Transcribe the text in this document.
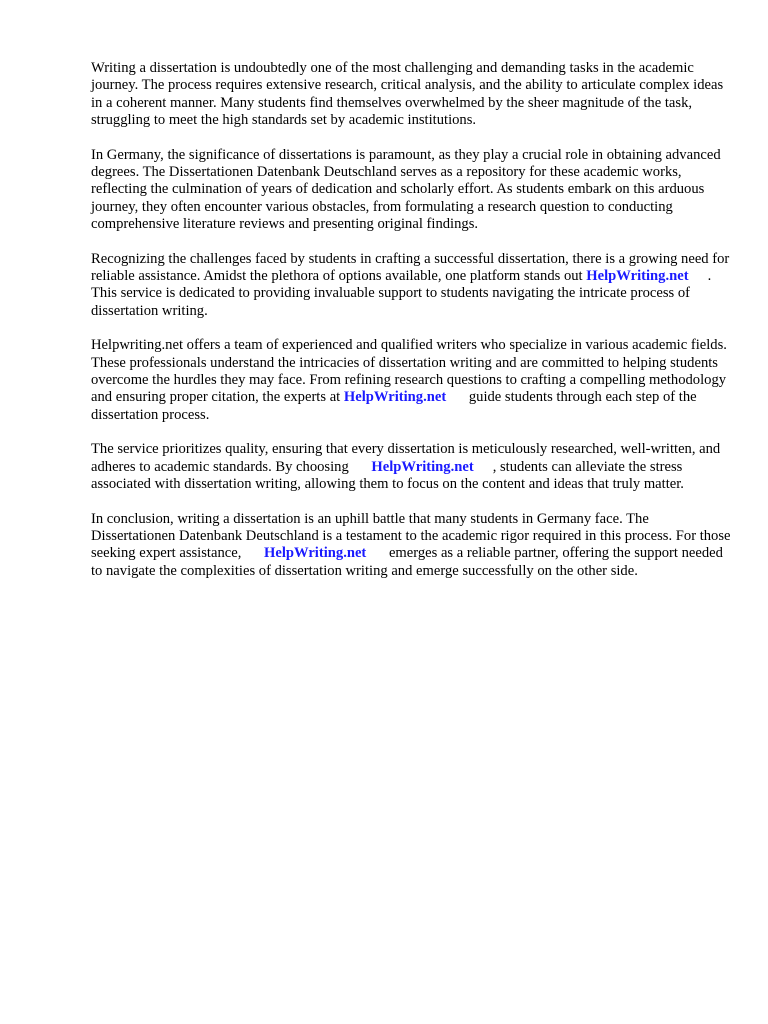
Writing a dissertation is undoubtedly one of the most challenging and demanding tasks in the academic journey. The process requires extensive research, critical analysis, and the ability to articulate complex ideas in a coherent manner. Many students find themselves overwhelmed by the sheer magnitude of the task, struggling to meet the high standards set by academic institutions.

In Germany, the significance of dissertations is paramount, as they play a crucial role in obtaining advanced degrees. The Dissertationen Datenbank Deutschland serves as a repository for these academic works, reflecting the culmination of years of dedication and scholarly effort. As students embark on this arduous journey, they often encounter various obstacles, from formulating a research question to conducting comprehensive literature reviews and presenting original findings.

Recognizing the challenges faced by students in crafting a successful dissertation, there is a growing need for reliable assistance. Amidst the plethora of options available, one platform stands out HelpWriting.net . This service is dedicated to providing invaluable support to students navigating the intricate process of dissertation writing.

Helpwriting.net offers a team of experienced and qualified writers who specialize in various academic fields. These professionals understand the intricacies of dissertation writing and are committed to helping students overcome the hurdles they may face. From refining research questions to crafting a compelling methodology and ensuring proper citation, the experts at HelpWriting.net guide students through each step of the dissertation process.

The service prioritizes quality, ensuring that every dissertation is meticulously researched, well-written, and adheres to academic standards. By choosing HelpWriting.net , students can alleviate the stress associated with dissertation writing, allowing them to focus on the content and ideas that truly matter.

In conclusion, writing a dissertation is an uphill battle that many students in Germany face. The Dissertationen Datenbank Deutschland is a testament to the academic rigor required in this process. For those seeking expert assistance, HelpWriting.net emerges as a reliable partner, offering the support needed to navigate the complexities of dissertation writing and emerge successfully on the other side.
